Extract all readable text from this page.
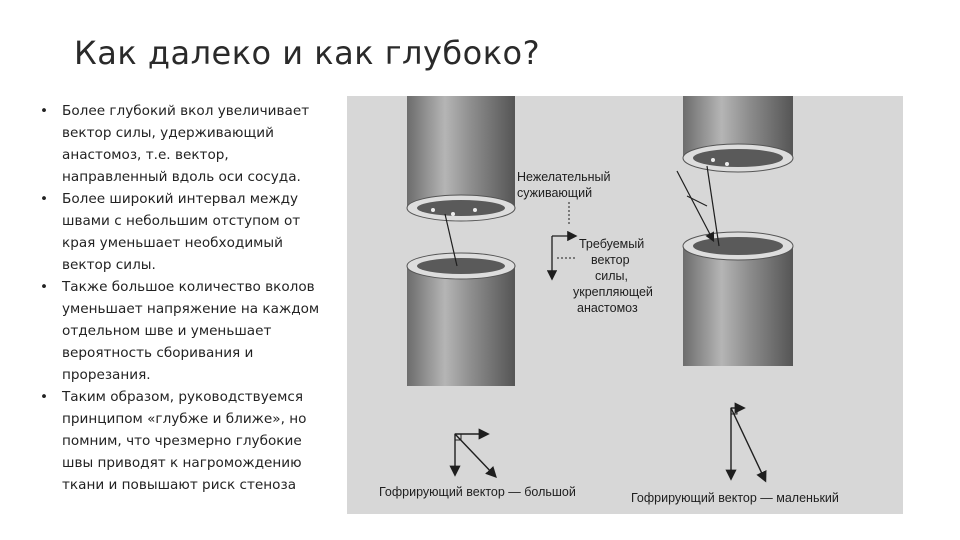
Как далеко и как глубоко?
• Более глубокий вкол увеличивает вектор силы, удерживающий анастомоз, т.е. вектор, направленный вдоль оси сосуда.
• Более широкий интервал между швами с небольшим отступом от края уменьшает необходимый вектор силы.
• Также большое количество вколов уменьшает напряжение на каждом отдельном шве и уменьшает вероятность сборивания и прорезания.
• Таким образом, руководствуемся принципом «глубже и ближе», но помним, что чрезмерно глубокие швы приводят к нагромождению ткани и повышают риск стеноза
Нежелательный суживающий
Требуемый вектор силы, укрепляющей анастомоз
Гофрирующий вектор — большой	Гофрирующий вектор — маленький
